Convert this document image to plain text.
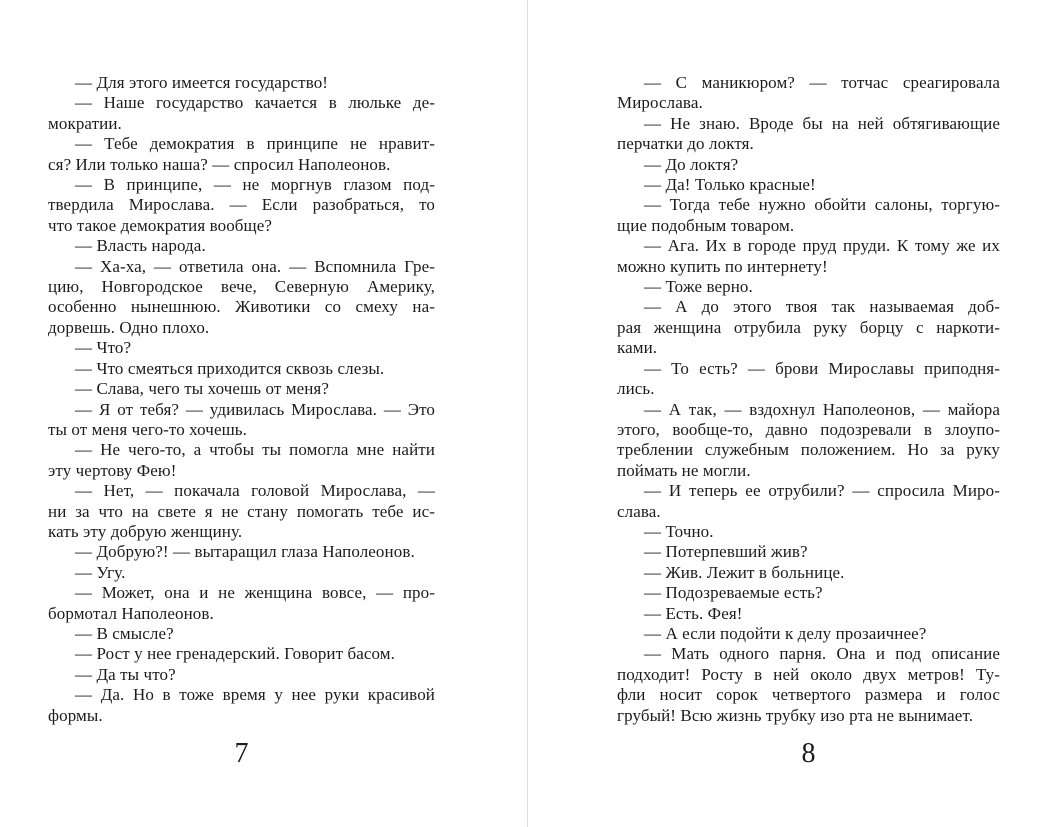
— Для этого имеется государство!
— Наше государство качается в люльке де-
мократии.
— Тебе демократия в принципе не нравит-
ся? Или только наша? — спросил Наполеонов.
— В принципе, — не моргнув глазом под-
твердила Мирослава. — Если разобраться, то
что такое демократия вообще?
— Власть народа.
— Ха-ха, — ответила она. — Вспомнила Гре-
цию, Новгородское вече, Северную Америку,
особенно нынешнюю. Животики со смеху на-
дорвешь. Одно плохо.
— Что?
— Что смеяться приходится сквозь слезы.
— Слава, чего ты хочешь от меня?
— Я от тебя? — удивилась Мирослава. — Это
ты от меня чего-то хочешь.
— Не чего-то, а чтобы ты помогла мне найти
эту чертову Фею!
— Нет, — покачала головой Мирослава, —
ни за что на свете я не стану помогать тебе ис-
кать эту добрую женщину.
— Добрую?! — вытаращил глаза Наполеонов.
— Угу.
— Может, она и не женщина вовсе, — про-
бормотал Наполеонов.
— В смысле?
— Рост у нее гренадерский. Говорит басом.
— Да ты что?
— Да. Но в тоже время у нее руки красивой
формы.
— С маникюром? — тотчас среагировала
Мирослава.
— Не знаю. Вроде бы на ней обтягивающие
перчатки до локтя.
— До локтя?
— Да! Только красные!
— Тогда тебе нужно обойти салоны, торгую-
щие подобным товаром.
— Ага. Их в городе пруд пруди. К тому же их
можно купить по интернету!
— Тоже верно.
— А до этого твоя так называемая доб-
рая женщина отрубила руку борцу с наркоти-
ками.
— То есть? — брови Мирославы приподня-
лись.
— А так, — вздохнул Наполеонов, — майора
этого, вообще-то, давно подозревали в злоупо-
треблении служебным положением. Но за руку
поймать не могли.
— И теперь ее отрубили? — спросила Миро-
слава.
— Точно.
— Потерпевший жив?
— Жив. Лежит в больнице.
— Подозреваемые есть?
— Есть. Фея!
— А если подойти к делу прозаичнее?
— Мать одного парня. Она и под описание
подходит! Росту в ней около двух метров! Ту-
фли носит сорок четвертого размера и голос
грубый! Всю жизнь трубку изо рта не вынимает.
7	8
